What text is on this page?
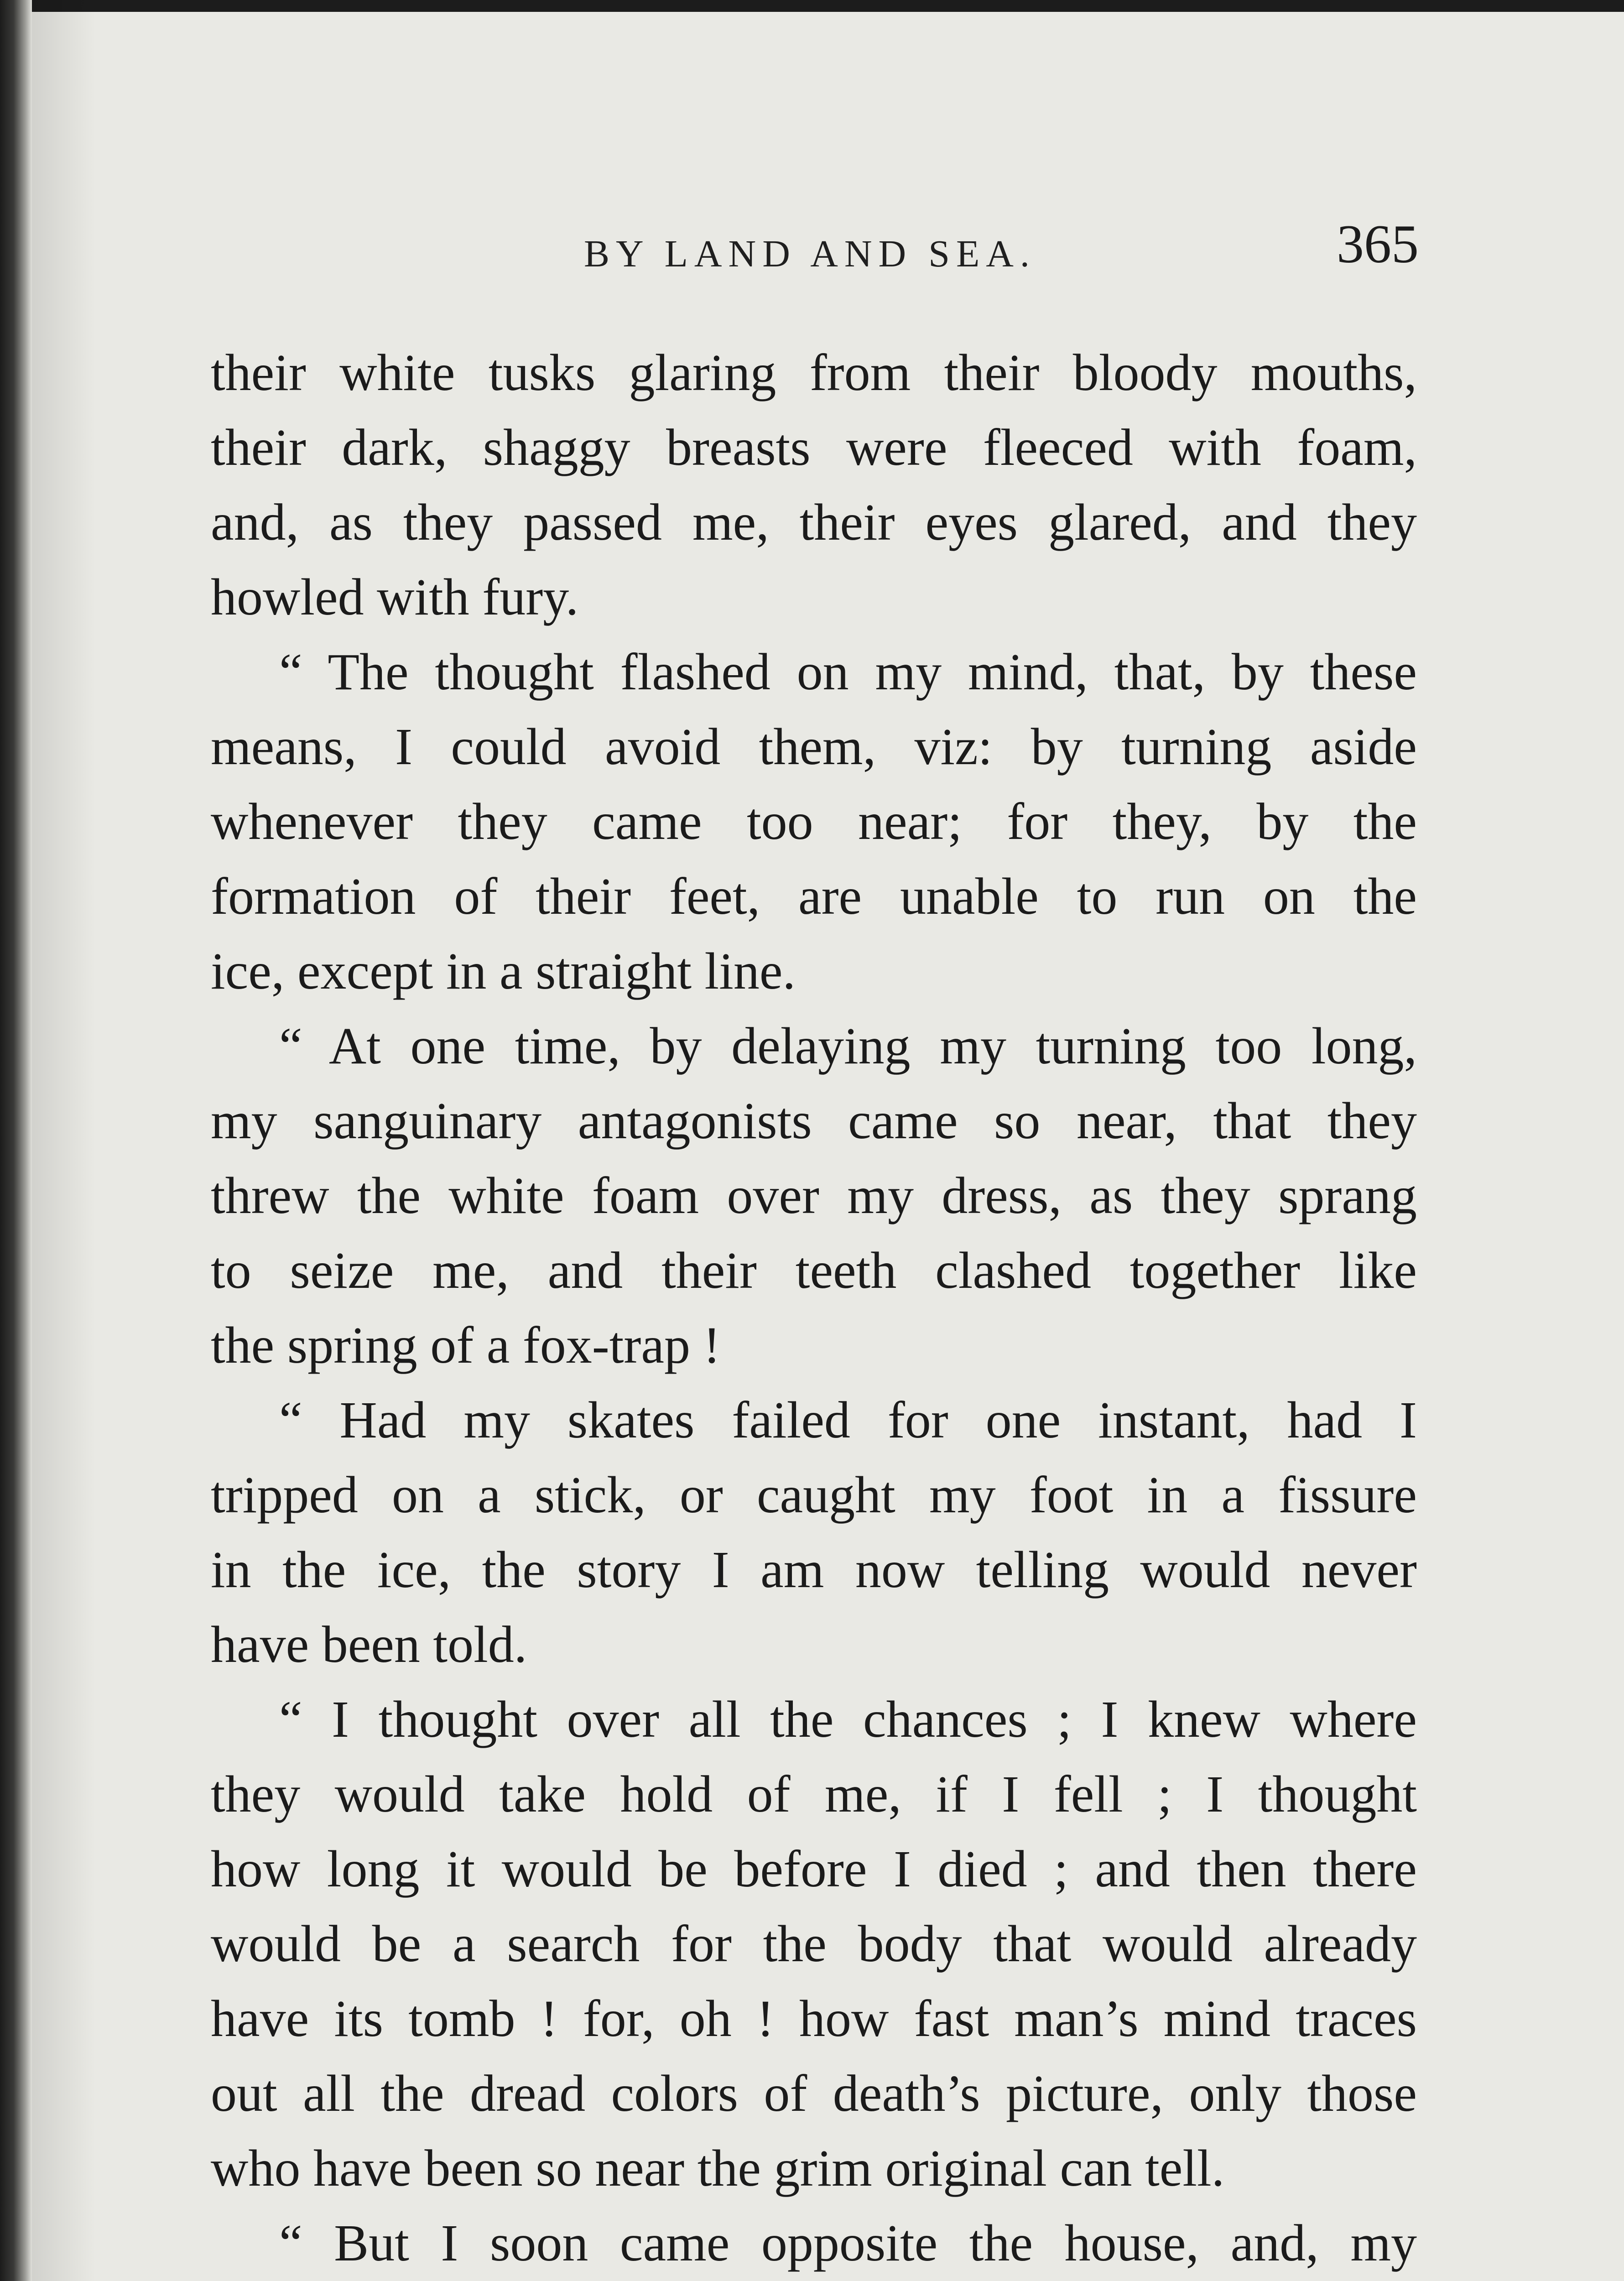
BY LAND AND SEA.	365
their white tusks glaring from their bloody mouths,
their dark, shaggy breasts were fleeced with foam,
and, as they passed me, their eyes glared, and they
howled with fury.
“ The thought flashed on my mind, that, by these
means, I could avoid them, viz: by turning aside
whenever they came too near; for they, by the
formation of their feet, are unable to run on the
ice, except in a straight line.
“ At one time, by delaying my turning too long,
my sanguinary antagonists came so near, that they
threw the white foam over my dress, as they sprang
to seize me, and their teeth clashed together like
the spring of a fox-trap !
“ Had my skates failed for one instant, had I
tripped on a stick, or caught my foot in a fissure
in the ice, the story I am now telling would never
have been told.
“ I thought over all the chances ; I knew where
they would take hold of me, if I fell ; I thought
how long it would be before I died ; and then there
would be a search for the body that would already
have its tomb ! for, oh ! how fast man’s mind traces
out all the dread colors of death’s picture, only those
who have been so near the grim original can tell.
“ But I soon came opposite the house, and, my
